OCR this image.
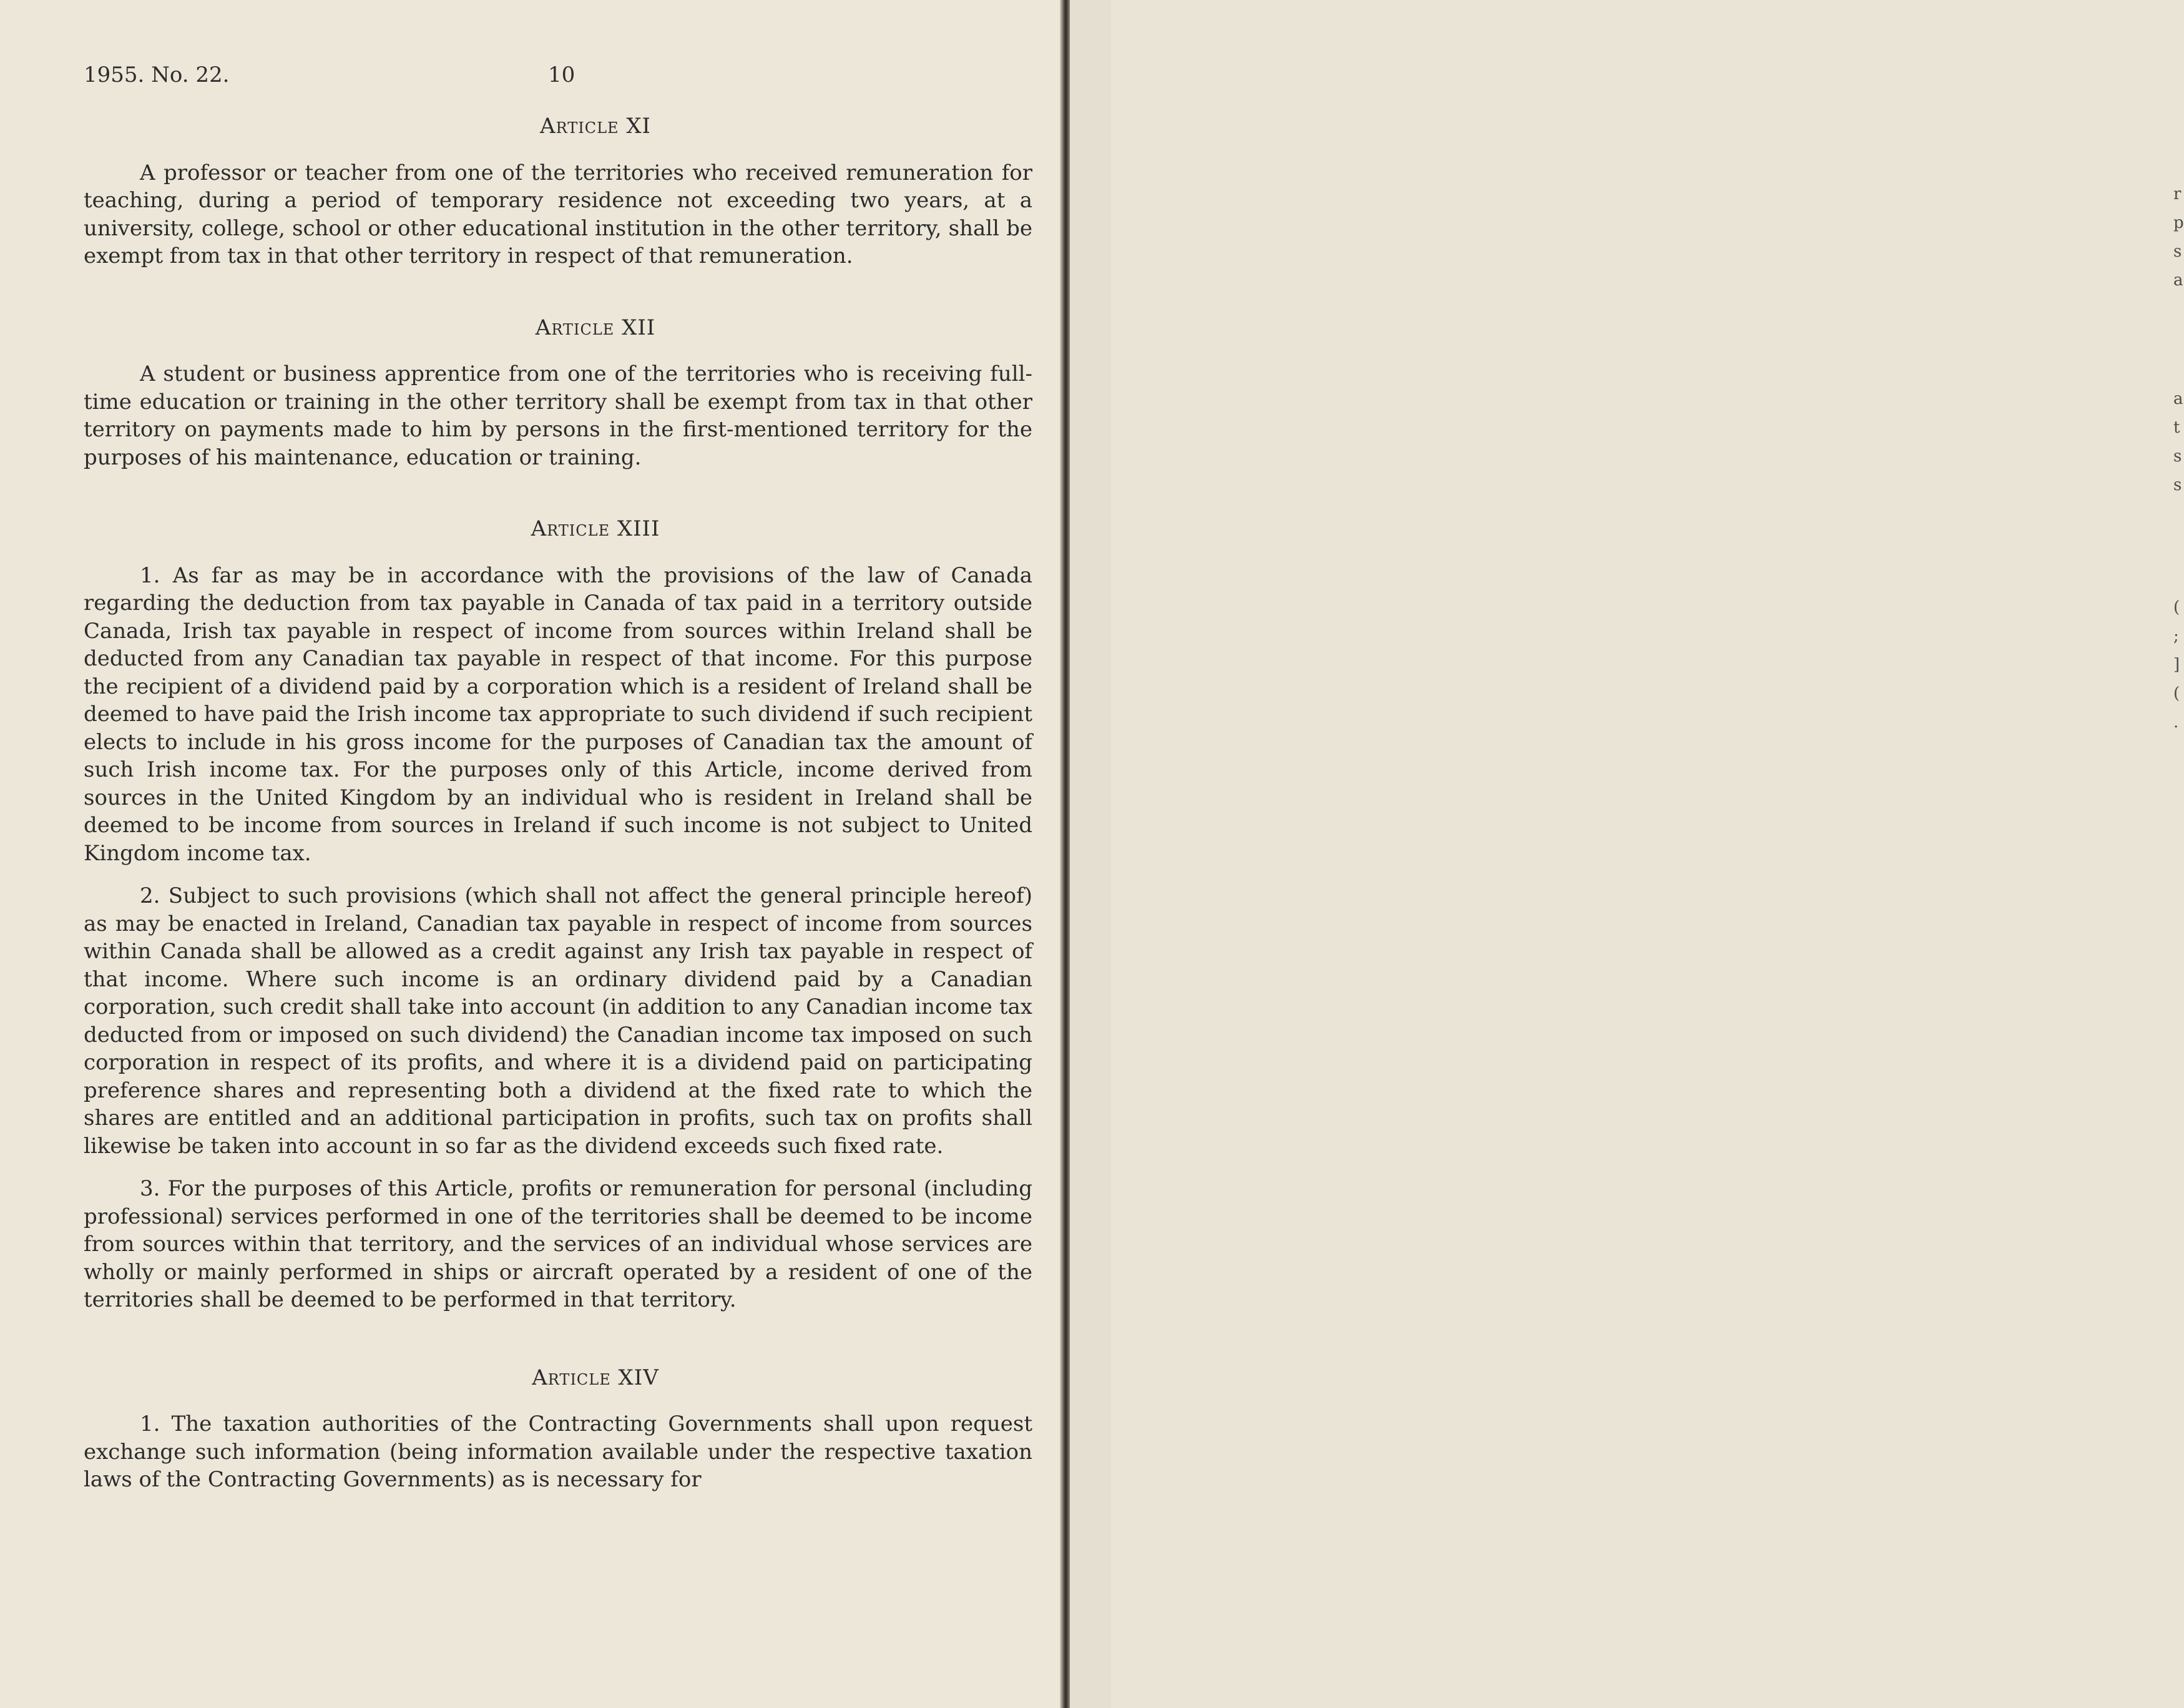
1955. No. 22.	10
Article XI

A professor or teacher from one of the territories who received remuneration for teaching, during a period of temporary residence not exceeding two years, at a university, college, school or other educational institution in the other territory, shall be exempt from tax in that other territory in respect of that remuneration.

Article XII

A student or business apprentice from one of the territories who is receiving full-time education or training in the other territory shall be exempt from tax in that other territory on payments made to him by persons in the first-mentioned territory for the purposes of his maintenance, education or training.

Article XIII

1. As far as may be in accordance with the provisions of the law of Canada regarding the deduction from tax payable in Canada of tax paid in a territory outside Canada, Irish tax payable in respect of income from sources within Ireland shall be deducted from any Canadian tax payable in respect of that income. For this purpose the recipient of a dividend paid by a corporation which is a resident of Ireland shall be deemed to have paid the Irish income tax appropriate to such dividend if such recipient elects to include in his gross income for the purposes of Canadian tax the amount of such Irish income tax. For the purposes only of this Article, income derived from sources in the United Kingdom by an individual who is resident in Ireland shall be deemed to be income from sources in Ireland if such income is not subject to United Kingdom income tax.

2. Subject to such provisions (which shall not affect the general principle hereof) as may be enacted in Ireland, Canadian tax payable in respect of income from sources within Canada shall be allowed as a credit against any Irish tax payable in respect of that income. Where such income is an ordinary dividend paid by a Canadian corporation, such credit shall take into account (in addition to any Canadian income tax deducted from or imposed on such dividend) the Canadian income tax imposed on such corporation in respect of its profits, and where it is a dividend paid on participating preference shares and representing both a dividend at the fixed rate to which the shares are entitled and an additional participation in profits, such tax on profits shall likewise be taken into account in so far as the dividend exceeds such fixed rate.

3. For the purposes of this Article, profits or remuneration for personal (including professional) services performed in one of the territories shall be deemed to be income from sources within that territory, and the services of an individual whose services are wholly or mainly performed in ships or aircraft operated by a resident of one of the territories shall be deemed to be performed in that territory.

Article XIV

1. The taxation authorities of the Contracting Governments shall upon request exchange such information (being information available under the respective taxation laws of the Contracting Governments) as is necessary for

r
p
s
a
a
t
s
s
(
;
]
(
.
